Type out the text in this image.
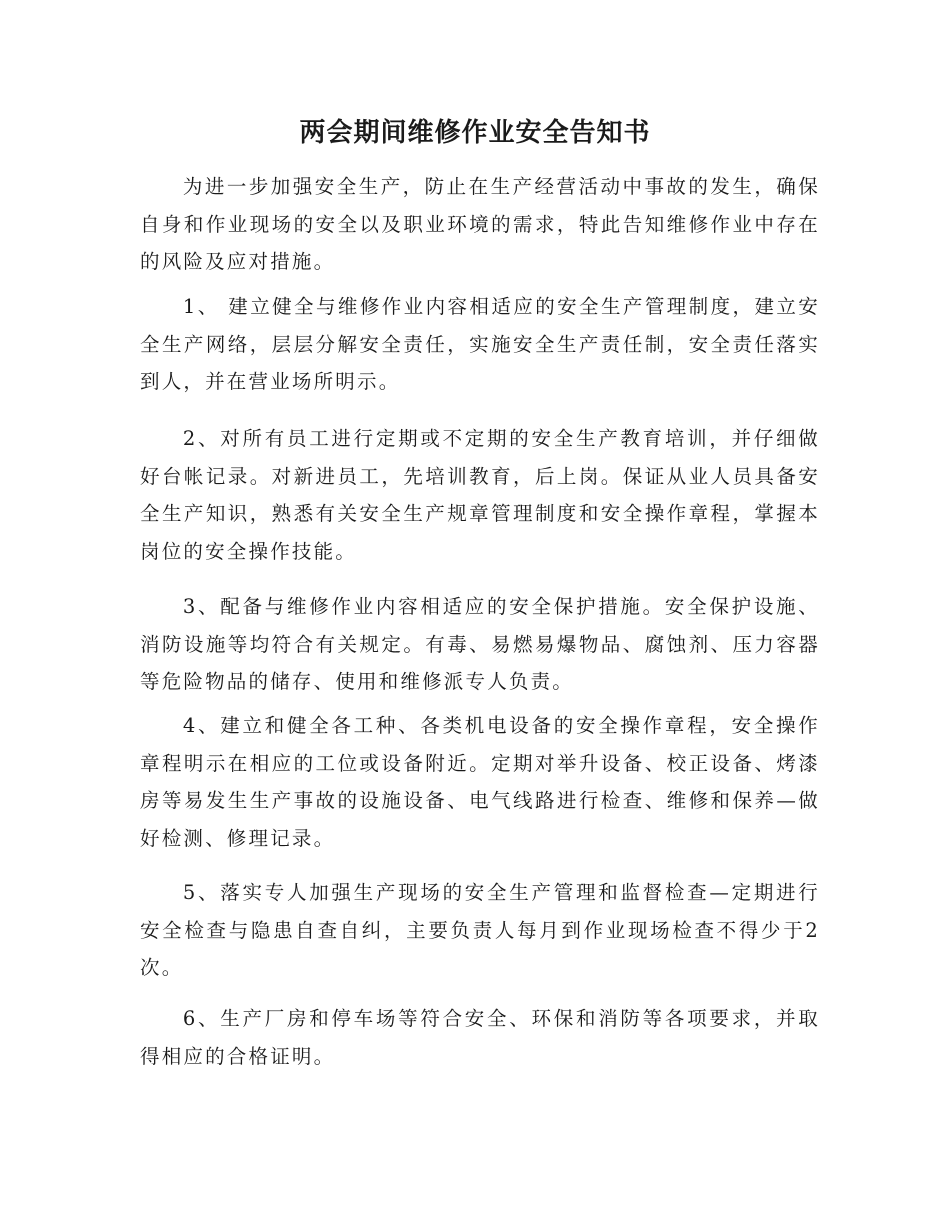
两会期间维修作业安全告知书

为进一步加强安全生产，防止在生产经营活动中事故的发生，确保自身和作业现场的安全以及职业环境的需求，特此告知维修作业中存在的风险及应对措施。

1、 建立健全与维修作业内容相适应的安全生产管理制度，建立安全生产网络，层层分解安全责任，实施安全生产责任制，安全责任落实到人，并在营业场所明示。

2、对所有员工进行定期或不定期的安全生产教育培训，并仔细做好台帐记录。对新进员工，先培训教育，后上岗。保证从业人员具备安全生产知识，熟悉有关安全生产规章管理制度和安全操作章程，掌握本岗位的安全操作技能。

3、配备与维修作业内容相适应的安全保护措施。安全保护设施、消防设施等均符合有关规定。有毒、易燃易爆物品、腐蚀剂、压力容器等危险物品的储存、使用和维修派专人负责。

4、建立和健全各工种、各类机电设备的安全操作章程，安全操作章程明示在相应的工位或设备附近。定期对举升设备、校正设备、烤漆房等易发生生产事故的设施设备、电气线路进行检查、维修和保养—做好检测、修理记录。

5、落实专人加强生产现场的安全生产管理和监督检查—定期进行安全检查与隐患自查自纠，主要负责人每月到作业现场检查不得少于2次。

6、生产厂房和停车场等符合安全、环保和消防等各项要求，并取得相应的合格证明。
